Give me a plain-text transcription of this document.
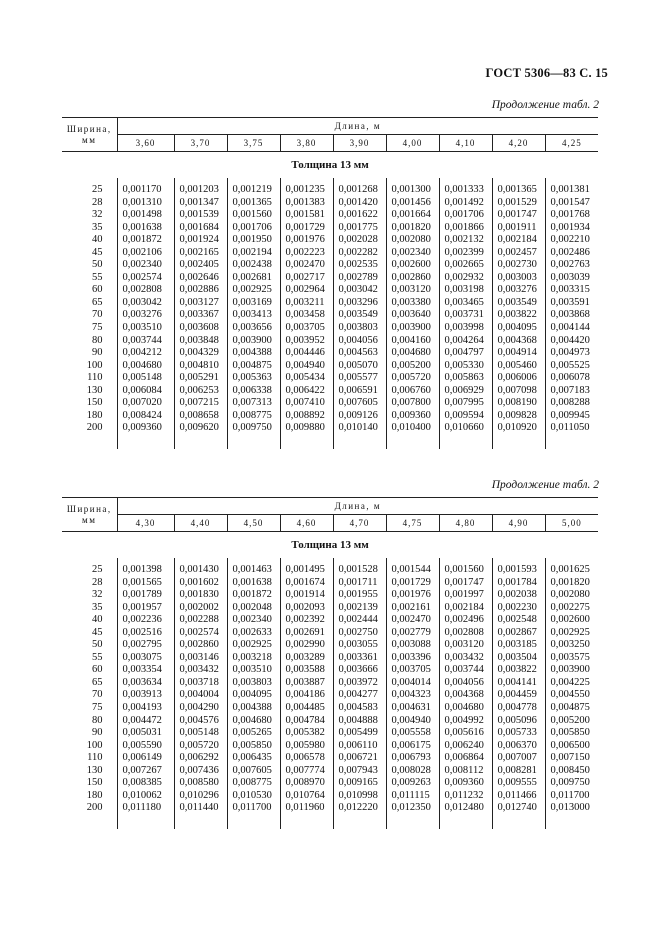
ГОСТ 5306—83 С. 15
Продолжение табл. 2
Ширина, мм	Длина, м								
	3,60	3,70	3,75	3,80	3,90	4,00	4,10	4,20	4,25
Толщина 13 мм									

25	0,001170	0,001203	0,001219	0,001235	0,001268	0,001300	0,001333	0,001365	0,001381
28	0,001310	0,001347	0,001365	0,001383	0,001420	0,001456	0,001492	0,001529	0,001547
32	0,001498	0,001539	0,001560	0,001581	0,001622	0,001664	0,001706	0,001747	0,001768
35	0,001638	0,001684	0,001706	0,001729	0,001775	0,001820	0,001866	0,001911	0,001934
40	0,001872	0,001924	0,001950	0,001976	0,002028	0,002080	0,002132	0,002184	0,002210
45	0,002106	0,002165	0,002194	0,002223	0,002282	0,002340	0,002399	0,002457	0,002486
50	0,002340	0,002405	0,002438	0,002470	0,002535	0,002600	0,002665	0,002730	0,002763
55	0,002574	0,002646	0,002681	0,002717	0,002789	0,002860	0,002932	0,003003	0,003039
60	0,002808	0,002886	0,002925	0,002964	0,003042	0,003120	0,003198	0,003276	0,003315
65	0,003042	0,003127	0,003169	0,003211	0,003296	0,003380	0,003465	0,003549	0,003591
70	0,003276	0,003367	0,003413	0,003458	0,003549	0,003640	0,003731	0,003822	0,003868
75	0,003510	0,003608	0,003656	0,003705	0,003803	0,003900	0,003998	0,004095	0,004144
80	0,003744	0,003848	0,003900	0,003952	0,004056	0,004160	0,004264	0,004368	0,004420
90	0,004212	0,004329	0,004388	0,004446	0,004563	0,004680	0,004797	0,004914	0,004973
100	0,004680	0,004810	0,004875	0,004940	0,005070	0,005200	0,005330	0,005460	0,005525
110	0,005148	0,005291	0,005363	0,005434	0,005577	0,005720	0,005863	0,006006	0,006078
130	0,006084	0,006253	0,006338	0,006422	0,006591	0,006760	0,006929	0,007098	0,007183
150	0,007020	0,007215	0,007313	0,007410	0,007605	0,007800	0,007995	0,008190	0,008288
180	0,008424	0,008658	0,008775	0,008892	0,009126	0,009360	0,009594	0,009828	0,009945
200	0,009360	0,009620	0,009750	0,009880	0,010140	0,010400	0,010660	0,010920	0,011050

Продолжение табл. 2
Ширина, мм	Длина, м								
	4,30	4,40	4,50	4,60	4,70	4,75	4,80	4,90	5,00
Толщина 13 мм									

25	0,001398	0,001430	0,001463	0,001495	0,001528	0,001544	0,001560	0,001593	0,001625
28	0,001565	0,001602	0,001638	0,001674	0,001711	0,001729	0,001747	0,001784	0,001820
32	0,001789	0,001830	0,001872	0,001914	0,001955	0,001976	0,001997	0,002038	0,002080
35	0,001957	0,002002	0,002048	0,002093	0,002139	0,002161	0,002184	0,002230	0,002275
40	0,002236	0,002288	0,002340	0,002392	0,002444	0,002470	0,002496	0,002548	0,002600
45	0,002516	0,002574	0,002633	0,002691	0,002750	0,002779	0,002808	0,002867	0,002925
50	0,002795	0,002860	0,002925	0,002990	0,003055	0,003088	0,003120	0,003185	0,003250
55	0,003075	0,003146	0,003218	0,003289	0,003361	0,003396	0,003432	0,003504	0,003575
60	0,003354	0,003432	0,003510	0,003588	0,003666	0,003705	0,003744	0,003822	0,003900
65	0,003634	0,003718	0,003803	0,003887	0,003972	0,004014	0,004056	0,004141	0,004225
70	0,003913	0,004004	0,004095	0,004186	0,004277	0,004323	0,004368	0,004459	0,004550
75	0,004193	0,004290	0,004388	0,004485	0,004583	0,004631	0,004680	0,004778	0,004875
80	0,004472	0,004576	0,004680	0,004784	0,004888	0,004940	0,004992	0,005096	0,005200
90	0,005031	0,005148	0,005265	0,005382	0,005499	0,005558	0,005616	0,005733	0,005850
100	0,005590	0,005720	0,005850	0,005980	0,006110	0,006175	0,006240	0,006370	0,006500
110	0,006149	0,006292	0,006435	0,006578	0,006721	0,006793	0,006864	0,007007	0,007150
130	0,007267	0,007436	0,007605	0,007774	0,007943	0,008028	0,008112	0,008281	0,008450
150	0,008385	0,008580	0,008775	0,008970	0,009165	0,009263	0,009360	0,009555	0,009750
180	0,010062	0,010296	0,010530	0,010764	0,010998	0,011115	0,011232	0,011466	0,011700
200	0,011180	0,011440	0,011700	0,011960	0,012220	0,012350	0,012480	0,012740	0,013000
